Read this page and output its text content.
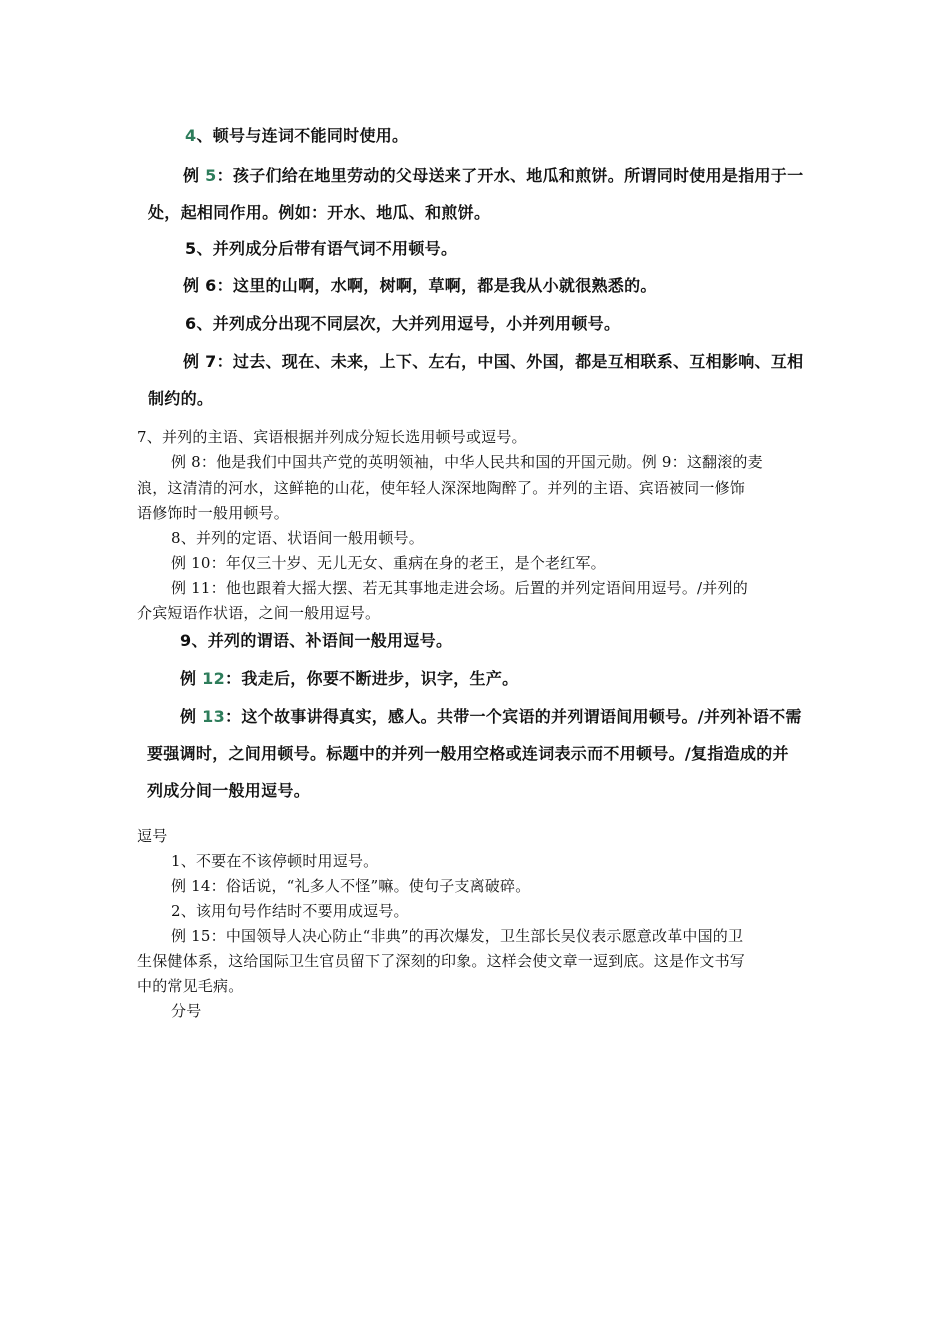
4、顿号与连词不能同时使用。

例 5：孩子们给在地里劳动的父母送来了开水、地瓜和煎饼。所谓同时使用是指用于一

处，起相同作用。例如：开水、地瓜、和煎饼。

5、并列成分后带有语气词不用顿号。

例 6：这里的山啊，水啊，树啊，草啊，都是我从小就很熟悉的。

6、并列成分出现不同层次，大并列用逗号，小并列用顿号。

例 7：过去、现在、未来，上下、左右，中国、外国，都是互相联系、互相影响、互相

制约的。

7、并列的主语、宾语根据并列成分短长选用顿号或逗号。

例 8：他是我们中国共产党的英明领袖，中华人民共和国的开国元勋。例 9：这翻滚的麦

浪，这清清的河水，这鲜艳的山花，使年轻人深深地陶醉了。并列的主语、宾语被同一修饰

语修饰时一般用顿号。

8、并列的定语、状语间一般用顿号。

例 10：年仅三十岁、无儿无女、重病在身的老王，是个老红军。

例 11：他也跟着大摇大摆、若无其事地走进会场。后置的并列定语间用逗号。/并列的

介宾短语作状语，之间一般用逗号。

9、并列的谓语、补语间一般用逗号。

例 12：我走后，你要不断进步，识字，生产。

例 13：这个故事讲得真实，感人。共带一个宾语的并列谓语间用顿号。/并列补语不需

要强调时，之间用顿号。标题中的并列一般用空格或连词表示而不用顿号。/复指造成的并

列成分间一般用逗号。

逗号

1、不要在不该停顿时用逗号。

例 14：俗话说，“礼多人不怪”嘛。使句子支离破碎。

2、该用句号作结时不要用成逗号。

例 15：中国领导人决心防止“非典”的再次爆发，卫生部长吴仪表示愿意改革中国的卫

生保健体系，这给国际卫生官员留下了深刻的印象。这样会使文章一逗到底。这是作文书写

中的常见毛病。

分号
